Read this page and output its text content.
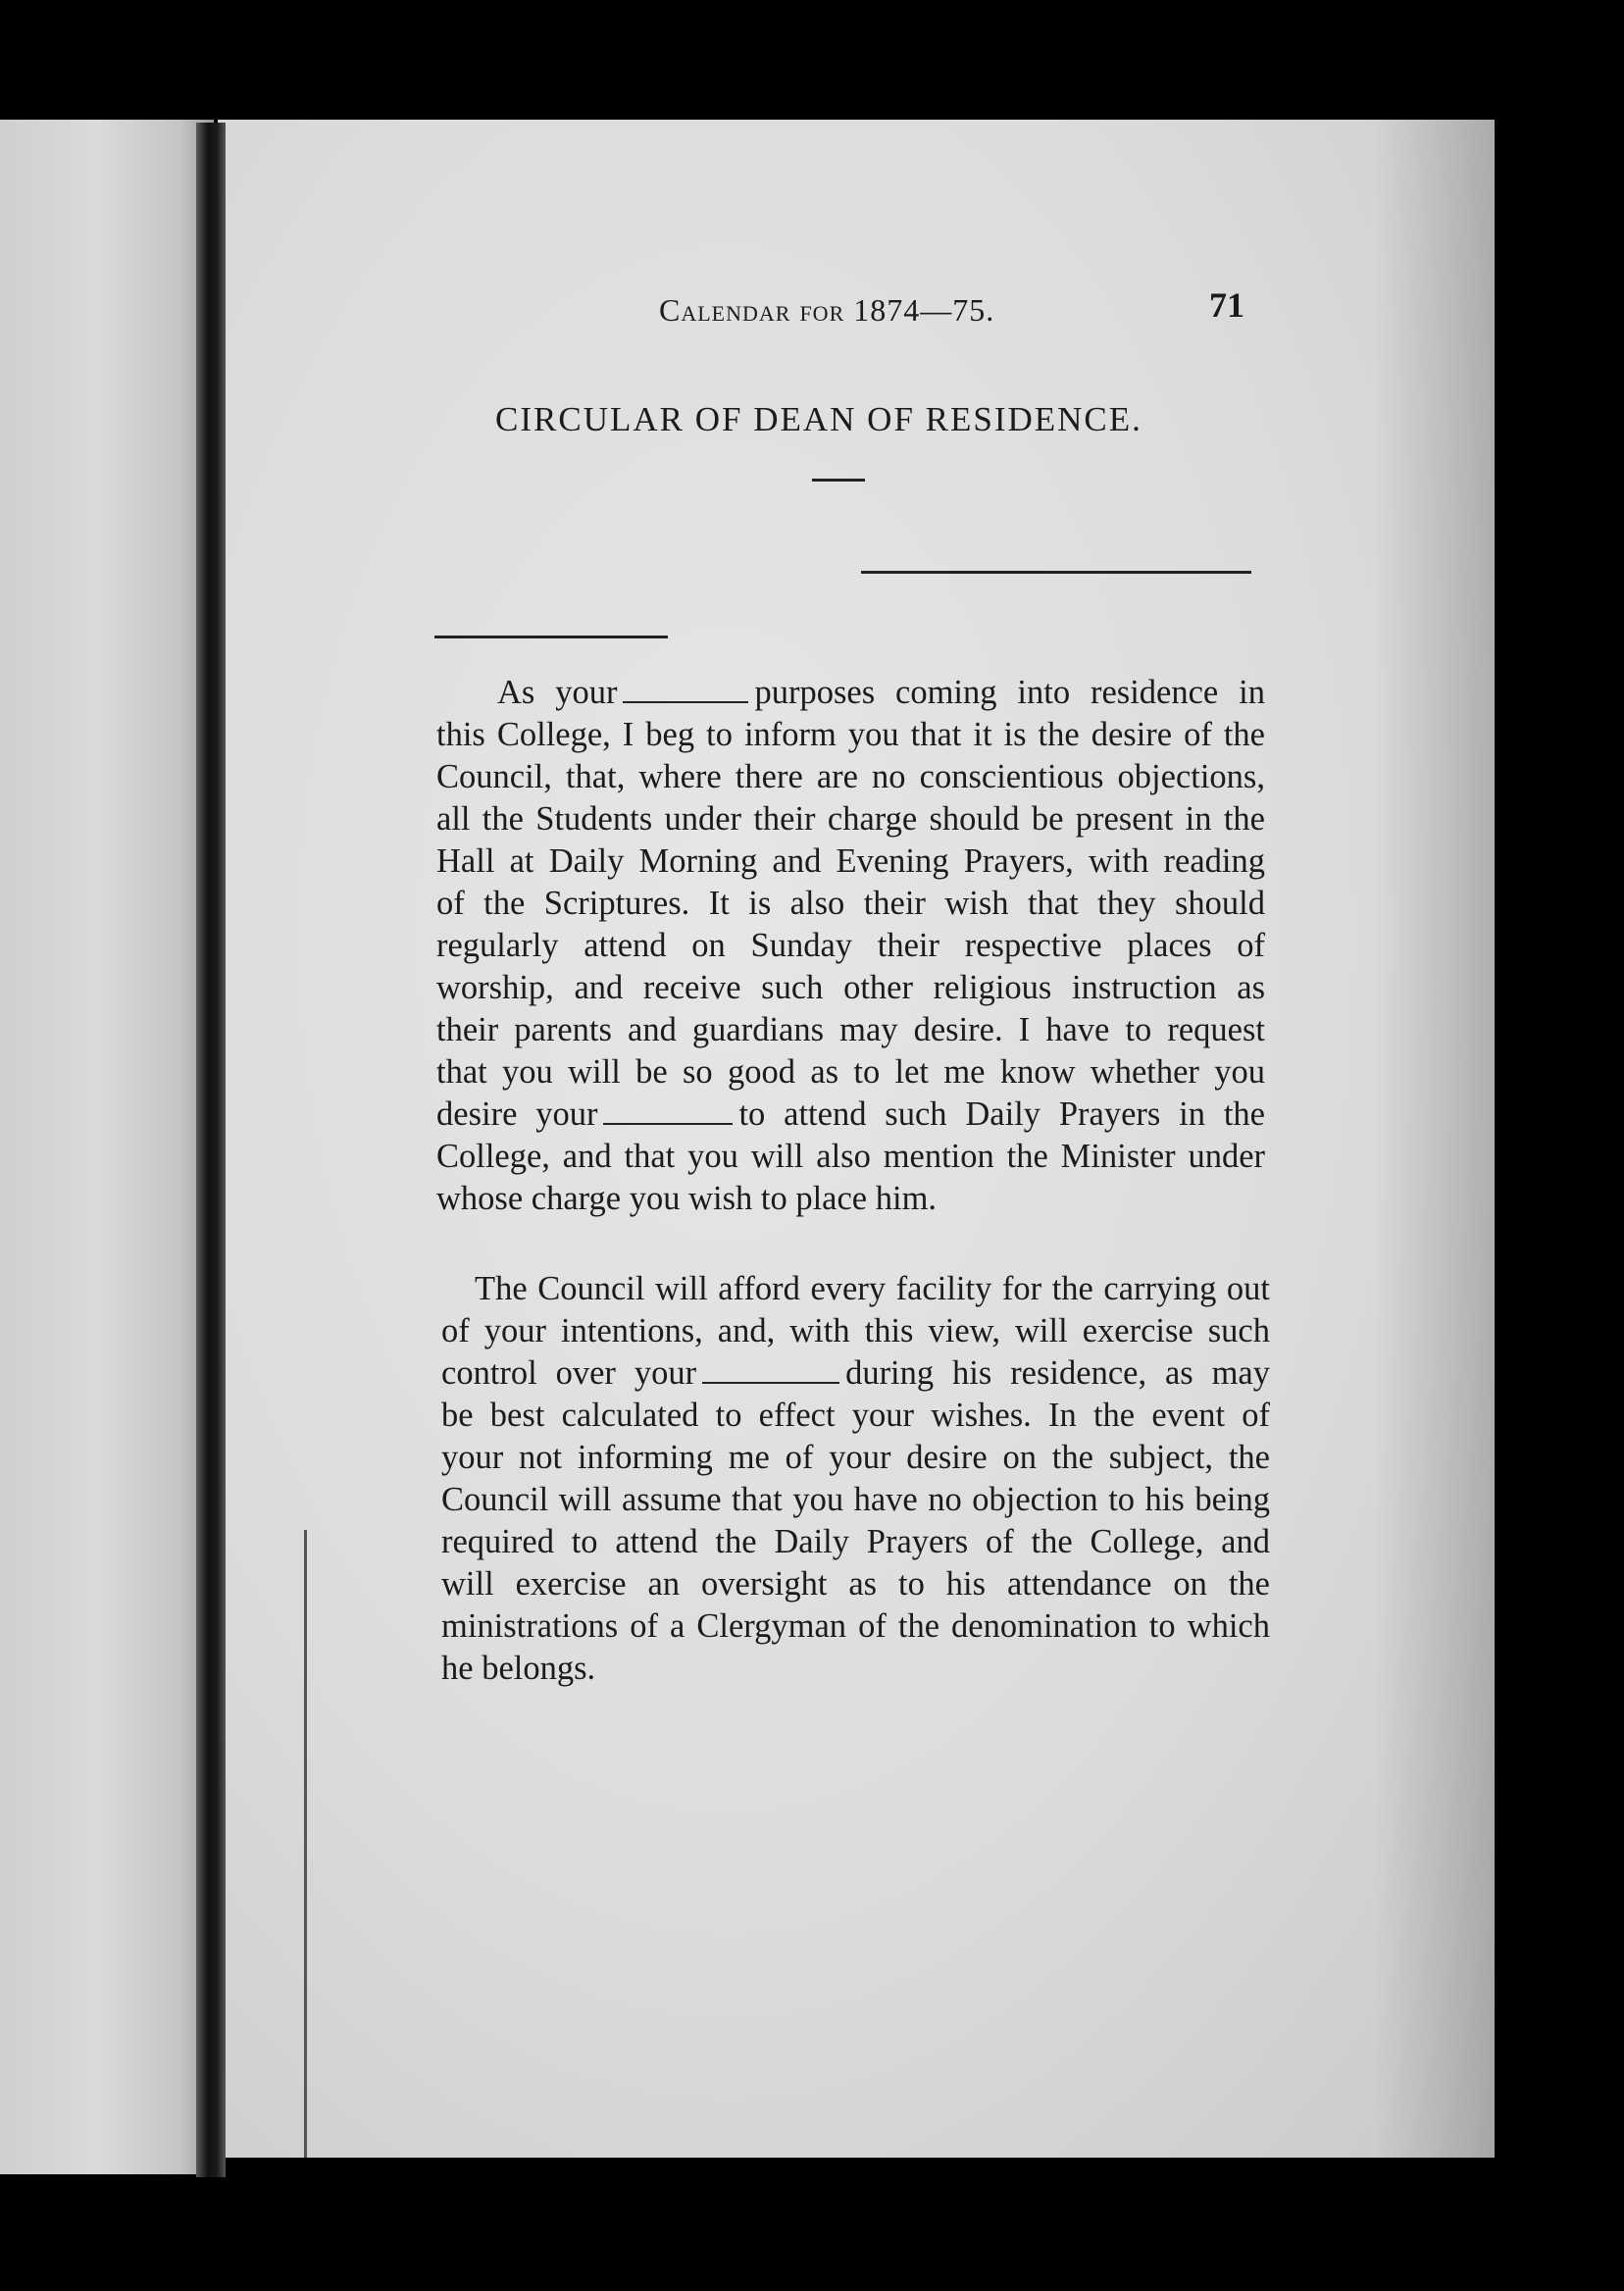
Calendar for 1874—75.	71
CIRCULAR OF DEAN OF RESIDENCE.
As your	purposes coming into residence in
this College, I beg to inform you that it is the desire of the
Council, that, where there are no conscientious objections,
all the Students under their charge should be present in the
Hall at Daily Morning and Evening Prayers, with reading
of the Scriptures. It is also their wish that they should
regularly attend on Sunday their respective places of
worship, and receive such other religious instruction as
their parents and guardians may desire. I have to request
that you will be so good as to let me know whether you
desire your	to attend such Daily Prayers in the
College, and that you will also mention the Minister under
whose charge you wish to place him.
The Council will afford every facility for the carrying out
of your intentions, and, with this view, will exercise such
control over your	during his residence, as may
be best calculated to effect your wishes. In the event of
your not informing me of your desire on the subject, the
Council will assume that you have no objection to his being
required to attend the Daily Prayers of the College, and
will exercise an oversight as to his attendance on the
ministrations of a Clergyman of the denomination to which
he belongs.
